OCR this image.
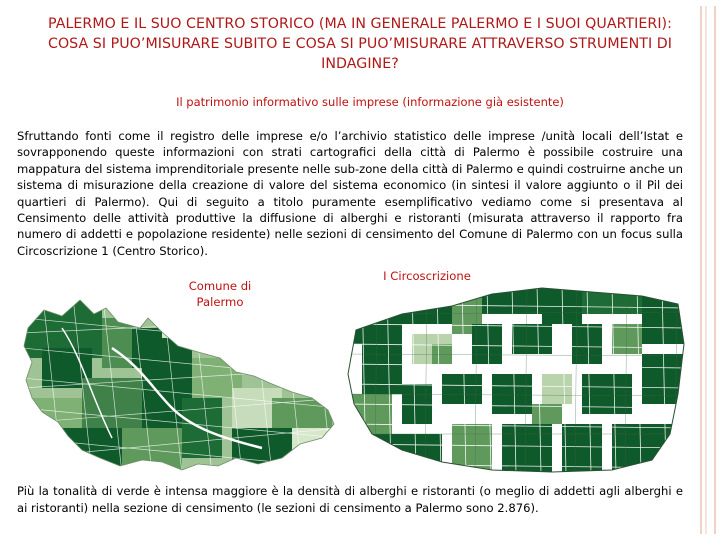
PALERMO E IL SUO CENTRO STORICO (MA IN GENERALE PALERMO E I SUOI QUARTIERI): COSA SI PUO’MISURARE SUBITO E COSA SI PUO’MISURARE ATTRAVERSO STRUMENTI DI INDAGINE?
Il patrimonio informativo sulle imprese (informazione già esistente)
Sfruttando fonti come il registro delle imprese e/o l’archivio statistico delle imprese /unità locali dell’Istat e sovrapponendo queste informazioni con strati cartografici della città di Palermo è possibile costruire una mappatura del sistema imprenditoriale presente nelle sub-zone della città di Palermo e quindi costruirne anche un sistema di misurazione della creazione di valore del sistema economico (in sintesi il valore aggiunto o il Pil dei quartieri di Palermo). Qui di seguito a titolo puramente esemplificativo vediamo come si presentava al Censimento delle attività produttive la diffusione di alberghi e ristoranti (misurata attraverso il rapporto fra numero di addetti e popolazione residente) nelle sezioni di censimento del Comune di Palermo con un focus sulla Circoscrizione 1 (Centro Storico).
Comune di Palermo
I Circoscrizione
Più la tonalità di verde è intensa maggiore è la densità di alberghi e ristoranti (o meglio di addetti agli alberghi e ai ristoranti) nella sezione di censimento (le sezioni di censimento a Palermo sono 2.876).
